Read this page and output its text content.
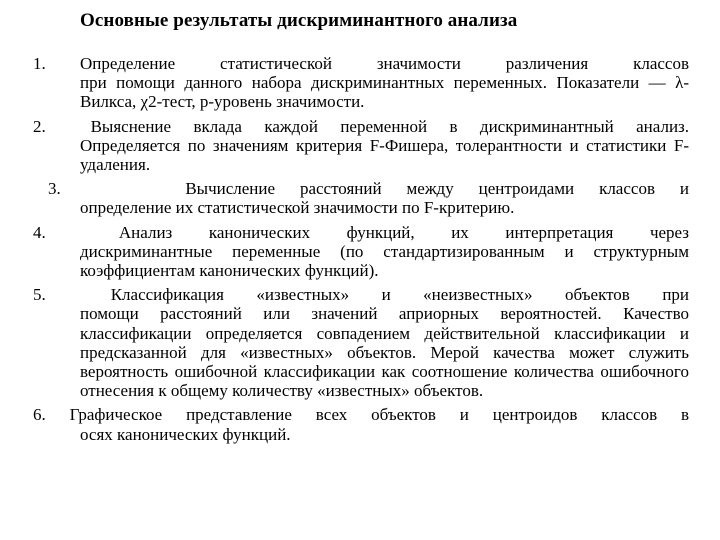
Основные результаты дискриминантного анализа
1.	Определение статистической значимости различения классов
при помощи данного набора дискриминантных переменных. Показатели — λ-Вилкса, χ2-тест, р-уровень значимости.
2.	Выяснение вклада каждой переменной в дискриминантный анализ.
Определяется по значениям критерия F-Фишера, толерантности и статистики F-удаления.
3.	Вычисление расстояний между центроидами классов и
определение их статистической значимости по F-критерию.
4.	Анализ канонических функций, их интерпретация через
дискриминантные переменные (по стандартизированным и структурным коэффициентам канонических функций).
5.	Классификация «известных» и «неизвестных» объектов при
помощи расстояний или значений априорных вероятностей. Качество классификации определяется совпадением действительной классификации и предсказанной для «известных» объектов. Мерой качества может служить вероятность ошибочной классификации как соотношение количества ошибочного отнесения к общему количеству «известных» объектов.
6. Графическое представление всех объектов и центроидов классов в
осях канонических функций.
